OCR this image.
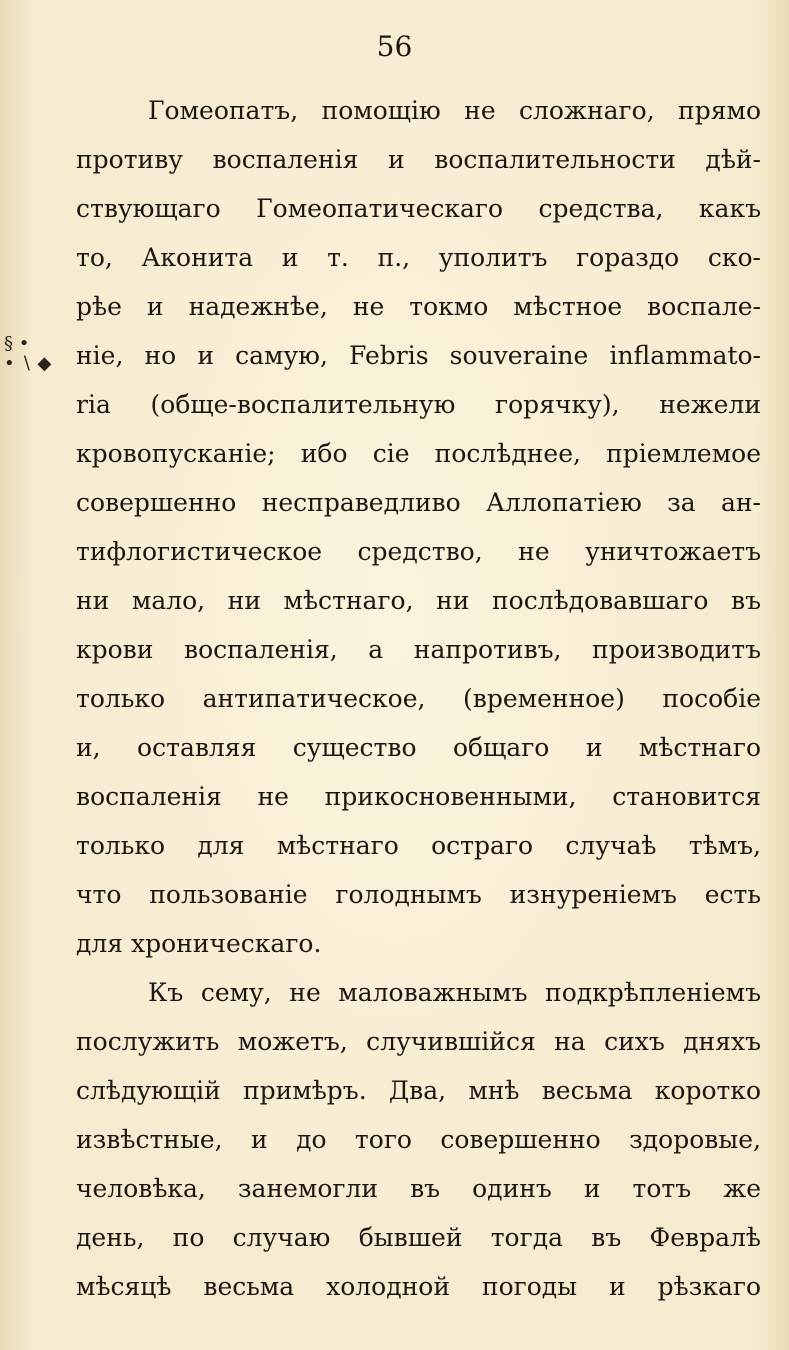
56
§ •
• ∖ ◆
Гомеопатъ, помощію не сложнаго, прямо
противу воспаленія и воспалительности дѣй-
ствующаго Гомеопатическаго средства, какъ
то, Аконита и т. п., уполитъ гораздо ско-
рѣе и надежнѣе, не токмо мѣстное воспале-
ніе, но и самую, Febris souveraine inflammato-
ria (обще-воспалительную горячку), нежели
кровопусканіе; ибо сіе послѣднее, пріемлемое
совершенно несправедливо Аллопатіею за ан-
тифлогистическое средство, не уничтожаетъ
ни мало, ни мѣстнаго, ни послѣдовавшаго въ
крови воспаленія, а напротивъ, производитъ
только антипатическое, (временное) пособіе
и, оставляя существо общаго и мѣстнаго
воспаленія не прикосновенными, становится
только для мѣстнаго остраго случаѣ тѣмъ,
что пользованіе голоднымъ изнуреніемъ есть
для хроническаго.
Къ сему, не маловажнымъ подкрѣпленіемъ
послужить можетъ, случившійся на сихъ дняхъ
слѣдующій примѣръ. Два, мнѣ весьма коротко
извѣстные, и до того совершенно здоровые,
человѣка, занемогли въ одинъ и тотъ же
день, по случаю бывшей тогда въ Февралѣ
мѣсяцѣ весьма холодной погоды и рѣзкаго
